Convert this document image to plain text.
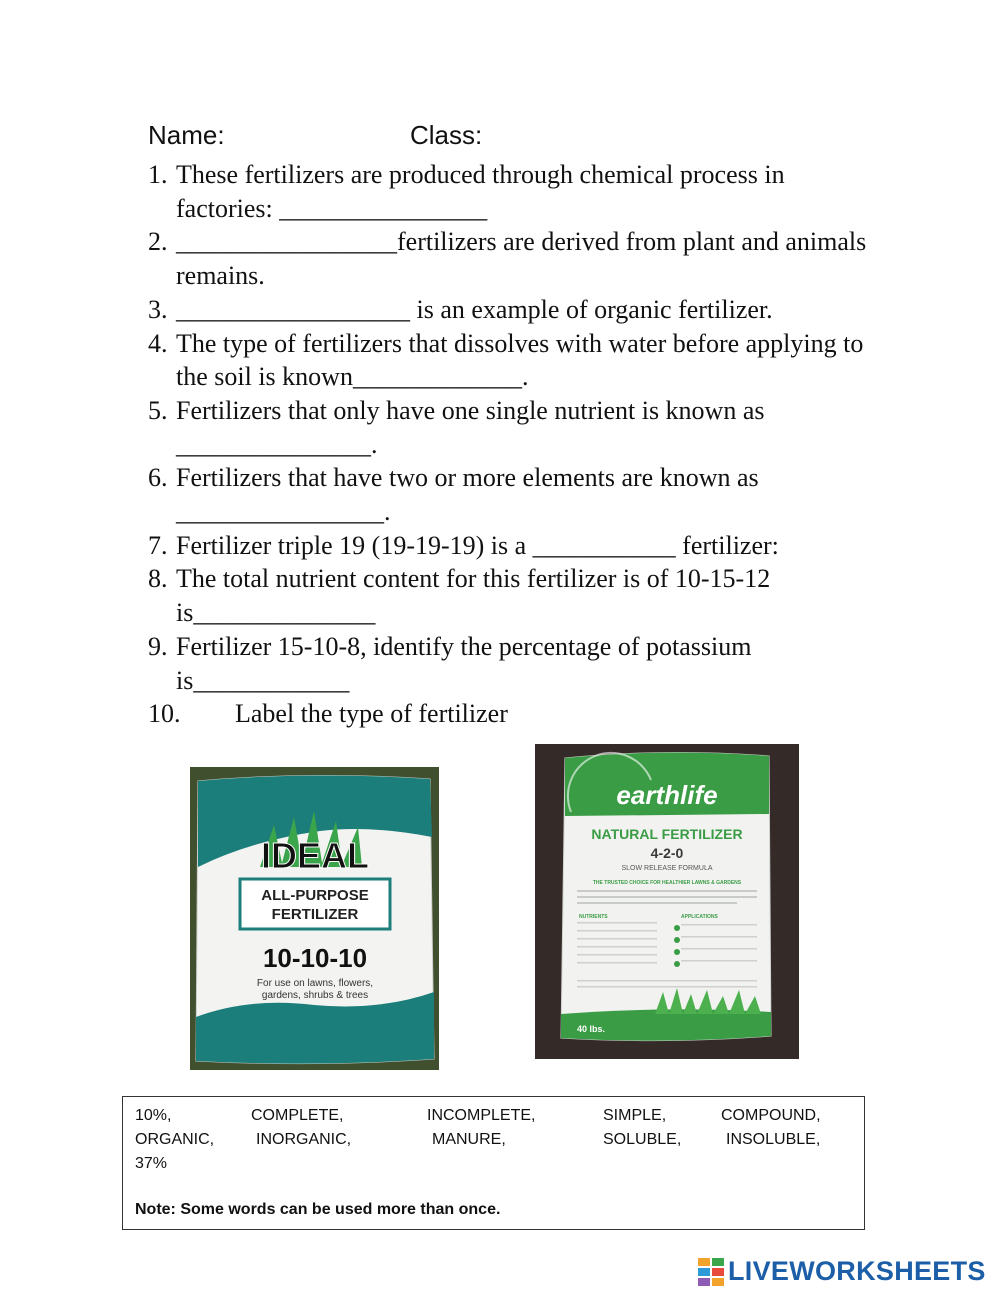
Name:	Class:
1. These fertilizers are produced through chemical process in factories: ________________
2. _________________fertilizers are derived from plant and animals remains.
3. __________________ is an example of organic fertilizer.
4. The type of fertilizers that dissolves with water before applying to the soil is known_____________.
5. Fertilizers that only have one single nutrient is known as _______________.
6. Fertilizers that have two or more elements are known as ________________.
7. Fertilizer triple 19 (19-19-19) is a ___________ fertilizer:
8. The total nutrient content for this fertilizer is of 10-15-12 is______________
9. Fertilizer 15-10-8, identify the percentage of potassium is____________
10.	Label the type of fertilizer
IDEAL
ALL-PURPOSE
FERTILIZER
10-10-10
For use on lawns, flowers,
gardens, shrubs & trees
earthlife
NATURAL FERTILIZER
4-2-0
SLOW RELEASE FORMULA
THE TRUSTED CHOICE FOR HEALTHIER LAWNS & GARDENS
NUTRIENTS	APPLICATIONS
40 lbs.
10%,	COMPLETE,	INCOMPLETE,	SIMPLE,	COMPOUND,
ORGANIC,	INORGANIC,	MANURE,	SOLUBLE,	INSOLUBLE,
37%
Note: Some words can be used more than once.
LIVEWORKSHEETS
